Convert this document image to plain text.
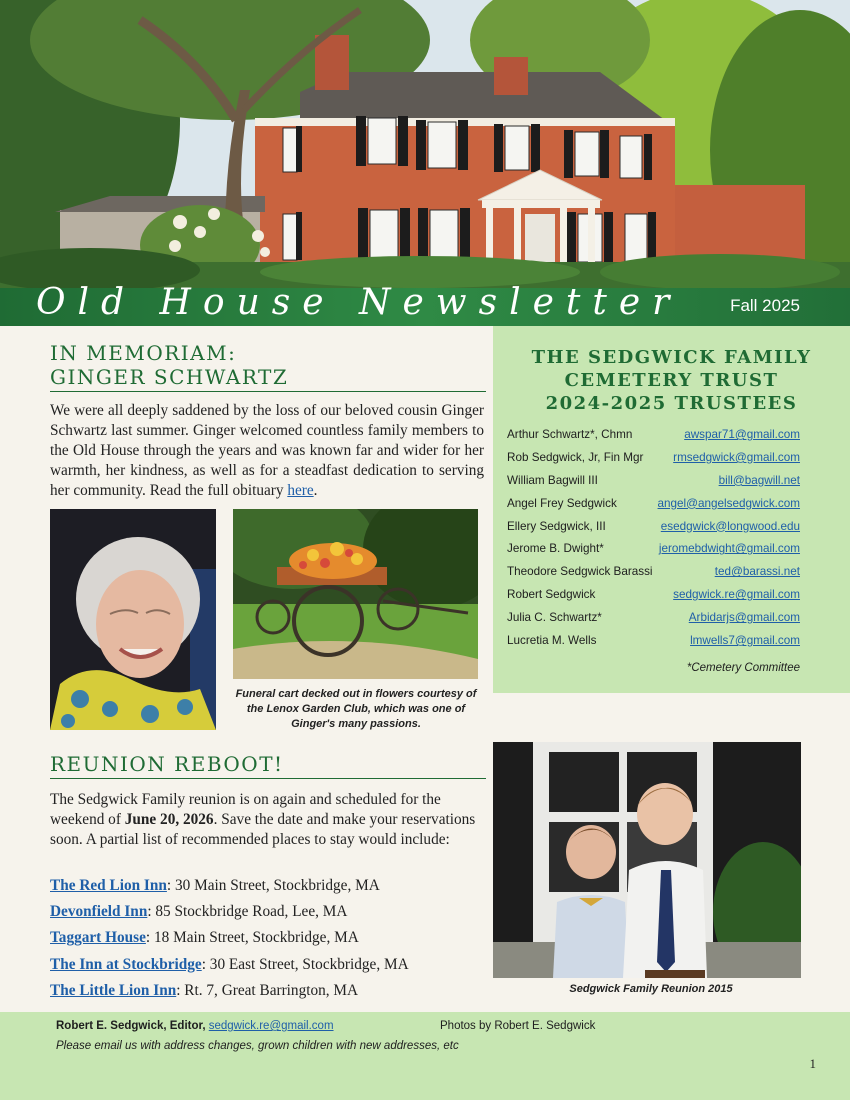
Old House Newsletter	Fall 2025
IN MEMORIAM:
GINGER SCHWARTZ
We were all deeply saddened by the loss of our beloved cousin Ginger Schwartz last summer. Ginger welcomed countless family members to the Old House through the years and was known far and wider for her warmth, her kindness, as well as for a steadfast dedication to serving her community. Read the full obituary here.
Funeral cart decked out in flowers courtesy of the Lenox Garden Club, which was one of Ginger's many passions.
THE SEDGWICK FAMILY
CEMETERY TRUST
2024-2025 TRUSTEES
Arthur Schwartz*, Chmn	awspar71@gmail.com
Rob Sedgwick, Jr, Fin Mgr	rmsedgwick@gmail.com
William Bagwill III	bill@bagwill.net
Angel Frey Sedgwick	angel@angelsedgwick.com
Ellery Sedgwick, III	esedgwick@longwood.edu
Jerome B. Dwight*	jeromebdwight@gmail.com
Theodore Sedgwick Barassi	ted@barassi.net
Robert Sedgwick	sedgwick.re@gmail.com
Julia C. Schwartz*	Arbidarjs@gmail.com
Lucretia M. Wells	lmwells7@gmail.com
*Cemetery Committee
REUNION REBOOT!
The Sedgwick Family reunion is on again and scheduled for the weekend of June 20, 2026. Save the date and make your reservations soon. A partial list of recommended places to stay would include:
The Red Lion Inn: 30 Main Street, Stockbridge, MA
Devonfield Inn: 85 Stockbridge Road, Lee, MA
Taggart House: 18 Main Street, Stockbridge, MA
The Inn at Stockbridge: 30 East Street, Stockbridge, MA
The Little Lion Inn: Rt. 7, Great Barrington, MA	Sedgwick Family Reunion 2015
Robert E. Sedgwick, Editor, sedgwick.re@gmail.com	Photos by Robert E. Sedgwick
Please email us with address changes, grown children with new addresses, etc
1
